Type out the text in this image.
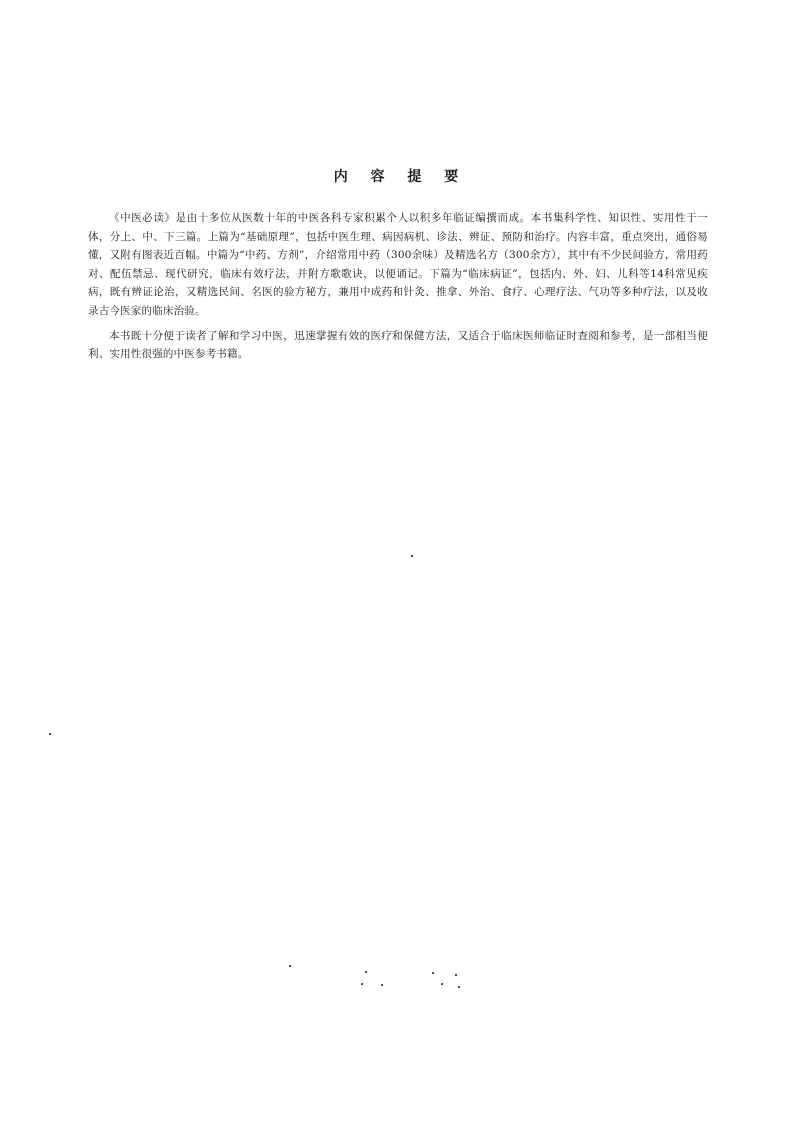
内 容 提 要

《中医必读》是由十多位从医数十年的中医各科专家积累个人以积多年临证编撰而成。本书集科学性、知识性、实用性于一体，分上、中、下三篇。上篇为“基础原理”，包括中医生理、病因病机、诊法、辨证、预防和治疗。内容丰富，重点突出，通俗易懂，又附有图表近百幅。中篇为“中药、方剂”，介绍常用中药（300余味）及精选名方（300余方），其中有不少民间验方，常用药对、配伍禁忌、现代研究，临床有效疗法，并附方歌歌诀，以便诵记。下篇为“临床病证”，包括内、外、妇、儿科等14科常见疾病，既有辨证论治，又精选民间、名医的验方秘方，兼用中成药和针灸、推拿、外治、食疗、心理疗法、气功等多种疗法，以及收录古今医家的临床治验。

本书既十分便于读者了解和学习中医，迅速掌握有效的医疗和保健方法，又适合于临床医师临证时查阅和参考，是一部相当便利、实用性很强的中医参考书籍。
